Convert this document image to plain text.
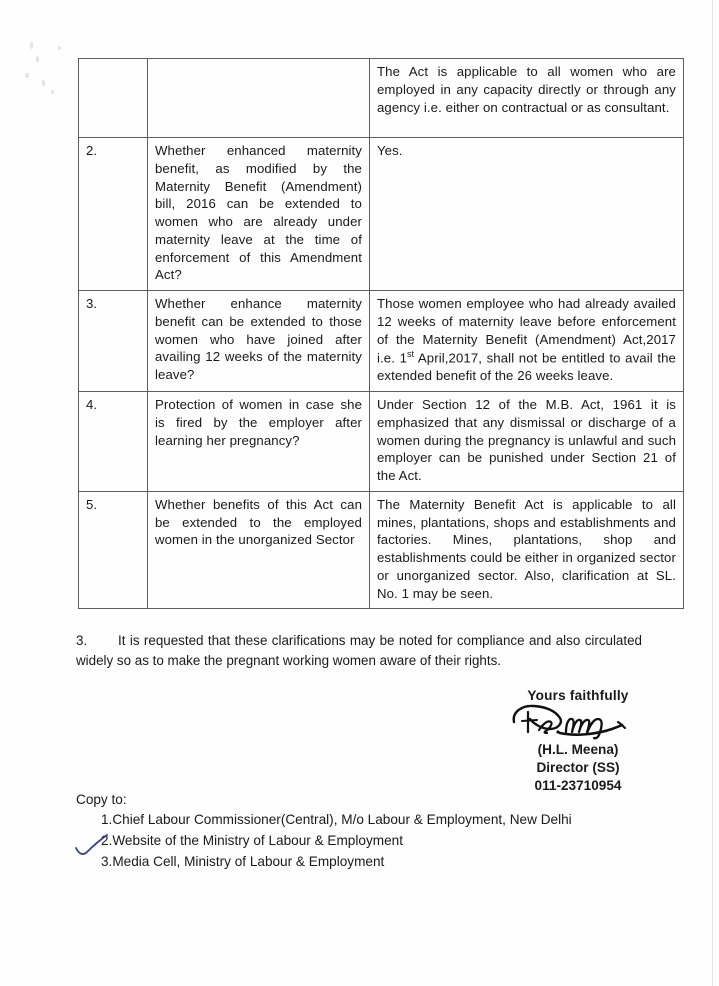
		The Act is applicable to all women who are employed in any capacity directly or through any agency i.e. either on contractual or as consultant.
2.	Whether enhanced maternity benefit, as modified by the Maternity Benefit (Amendment) bill, 2016 can be extended to women who are already under maternity leave at the time of enforcement of this Amendment Act?	Yes.
3.	Whether enhance maternity benefit can be extended to those women who have joined after availing 12 weeks of the maternity leave?	Those women employee who had already availed 12 weeks of maternity leave before enforcement of the Maternity Benefit (Amendment) Act,2017 i.e. 1st April,2017, shall not be entitled to avail the extended benefit of the 26 weeks leave.
4.	Protection of women in case she is fired by the employer after learning her pregnancy?	Under Section 12 of the M.B. Act, 1961 it is emphasized that any dismissal or discharge of a women during the pregnancy is unlawful and such employer can be punished under Section 21 of the Act.
5.	Whether benefits of this Act can be extended to the employed women in the unorganized Sector	The Maternity Benefit Act is applicable to all mines, plantations, shops and establishments and factories. Mines, plantations, shop and establishments could be either in organized sector or unorganized sector. Also, clarification at SL. No. 1 may be seen.
3. It is requested that these clarifications may be noted for compliance and also circulated widely so as to make the pregnant working women aware of their rights.
Yours faithfully
(H.L. Meena)
Director (SS)
011-23710954
Copy to:
1.Chief Labour Commissioner(Central), M/o Labour & Employment, New Delhi
2.Website of the Ministry of Labour & Employment
3.Media Cell, Ministry of Labour & Employment
